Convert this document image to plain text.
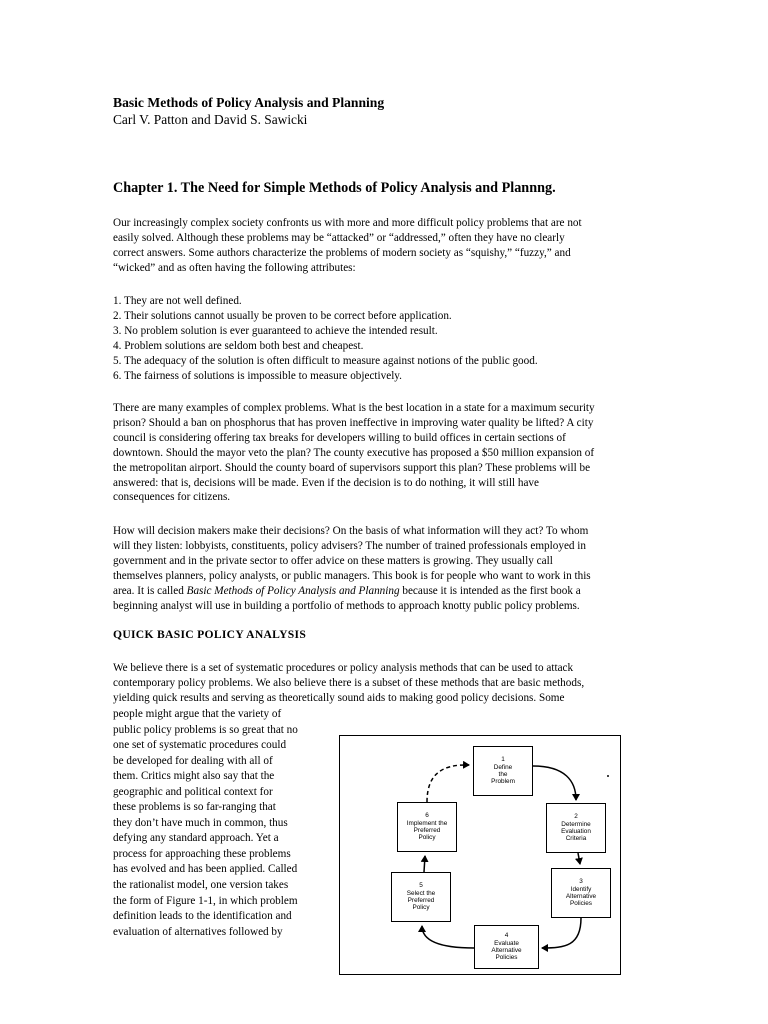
Basic Methods of Policy Analysis and Planning
Carl V. Patton and David S. Sawicki
Chapter 1. The Need for Simple Methods of Policy Analysis and Plannng.

Our increasingly complex society confronts us with more and more difficult policy problems that are not
easily solved. Although these problems may be “attacked” or “addressed,” often they have no clearly
correct answers. Some authors characterize the problems of modern society as “squishy,” “fuzzy,” and
“wicked” and as often having the following attributes:

1. They are not well defined.
2. Their solutions cannot usually be proven to be correct before application.
3. No problem solution is ever guaranteed to achieve the intended result.
4. Problem solutions are seldom both best and cheapest.
5. The adequacy of the solution is often difficult to measure against notions of the public good.
6. The fairness of solutions is impossible to measure objectively.

There are many examples of complex problems. What is the best location in a state for a maximum security
prison? Should a ban on phosphorus that has proven ineffective in improving water quality be lifted? A city
council is considering offering tax breaks for developers willing to build offices in certain sections of
downtown. Should the mayor veto the plan? The county executive has proposed a $50 million expansion of
the metropolitan airport. Should the county board of supervisors support this plan? These problems will be
answered: that is, decisions will be made. Even if the decision is to do nothing, it will still have
consequences for citizens.

How will decision makers make their decisions? On the basis of what information will they act? To whom
will they listen: lobbyists, constituents, policy advisers? The number of trained professionals employed in
government and in the private sector to offer advice on these matters is growing. They usually call
themselves planners, policy analysts, or public managers. This book is for people who want to work in this
area. It is called Basic Methods of Policy Analysis and Planning because it is intended as the first book a
beginning analyst will use in building a portfolio of methods to approach knotty public policy problems.

QUICK BASIC POLICY ANALYSIS

We believe there is a set of systematic procedures or policy analysis methods that can be used to attack
contemporary policy problems. We also believe there is a subset of these methods that are basic methods,
yielding quick results and serving as theoretically sound aids to making good policy decisions. Some

people might argue that the variety of
public policy problems is so great that no
one set of systematic procedures could
be developed for dealing with all of
them. Critics might also say that the
geographic and political context for
these problems is so far-ranging that
they don’t have much in common, thus
defying any standard approach. Yet a
process for approaching these problems
has evolved and has been applied. Called
the rationalist model, one version takes
the form of Figure 1-1, in which problem
definition leads to the identification and
evaluation of alternatives followed by
1
Define
the
Problem
2
Determine
Evaluation
Criteria
3
Identify
Alternative
Policies
4
Evaluate
Alternative
Policies
5
Select the
Preferred
Policy
6
Implement the
Preferred
Policy
